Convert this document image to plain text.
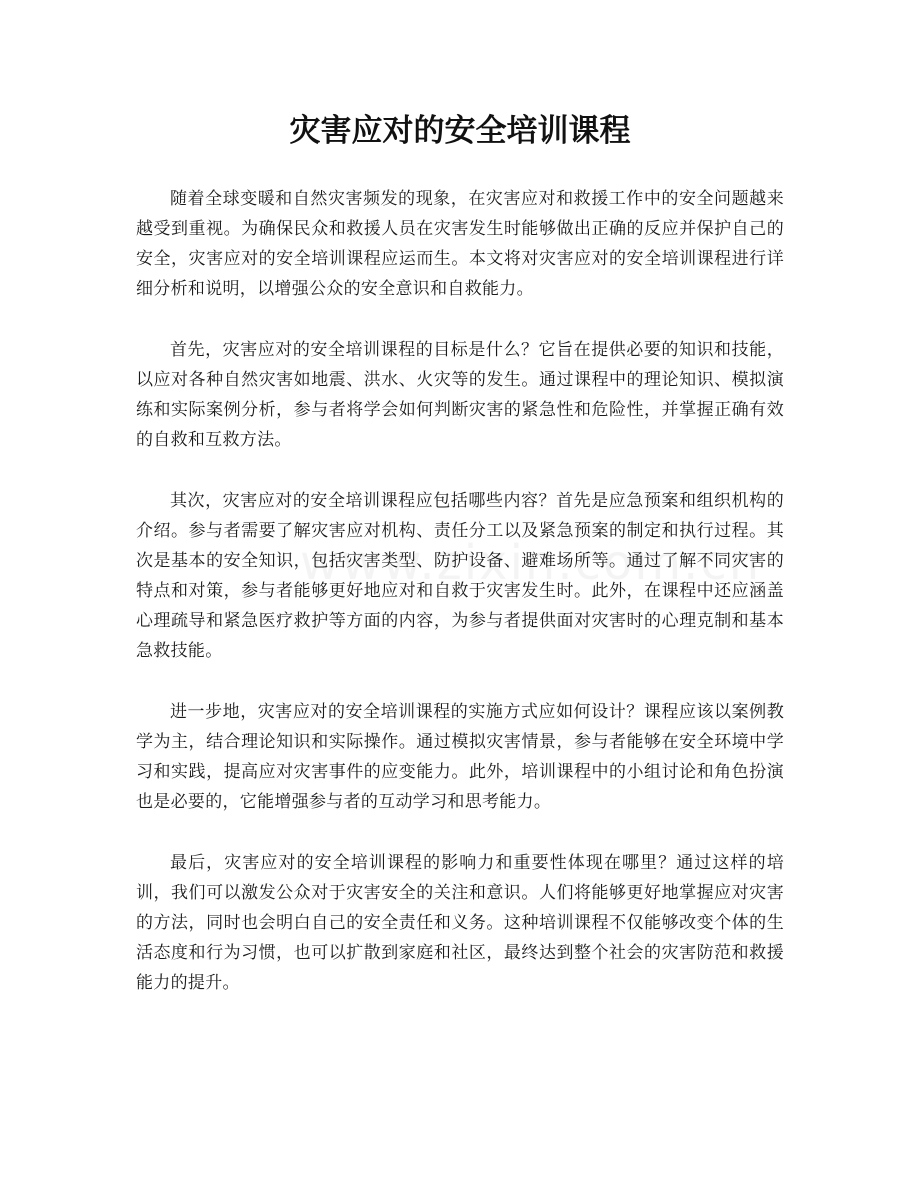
灾害应对的安全培训课程

随着全球变暖和自然灾害频发的现象，在灾害应对和救援工作中的安全问题越来越受到重视。为确保民众和救援人员在灾害发生时能够做出正确的反应并保护自己的安全，灾害应对的安全培训课程应运而生。本文将对灾害应对的安全培训课程进行详细分析和说明，以增强公众的安全意识和自救能力。

首先，灾害应对的安全培训课程的目标是什么？它旨在提供必要的知识和技能，以应对各种自然灾害如地震、洪水、火灾等的发生。通过课程中的理论知识、模拟演练和实际案例分析，参与者将学会如何判断灾害的紧急性和危险性，并掌握正确有效的自救和互救方法。

其次，灾害应对的安全培训课程应包括哪些内容？首先是应急预案和组织机构的介绍。参与者需要了解灾害应对机构、责任分工以及紧急预案的制定和执行过程。其次是基本的安全知识，包括灾害类型、防护设备、避难场所等。通过了解不同灾害的特点和对策，参与者能够更好地应对和自救于灾害发生时。此外，在课程中还应涵盖心理疏导和紧急医疗救护等方面的内容，为参与者提供面对灾害时的心理克制和基本急救技能。

进一步地，灾害应对的安全培训课程的实施方式应如何设计？课程应该以案例教学为主，结合理论知识和实际操作。通过模拟灾害情景，参与者能够在安全环境中学习和实践，提高应对灾害事件的应变能力。此外，培训课程中的小组讨论和角色扮演也是必要的，它能增强参与者的互动学习和思考能力。

最后，灾害应对的安全培训课程的影响力和重要性体现在哪里？通过这样的培训，我们可以激发公众对于灾害安全的关注和意识。人们将能够更好地掌握应对灾害的方法，同时也会明白自己的安全责任和义务。这种培训课程不仅能够改变个体的生活态度和行为习惯，也可以扩散到家庭和社区，最终达到整个社会的灾害防范和救援能力的提升。
